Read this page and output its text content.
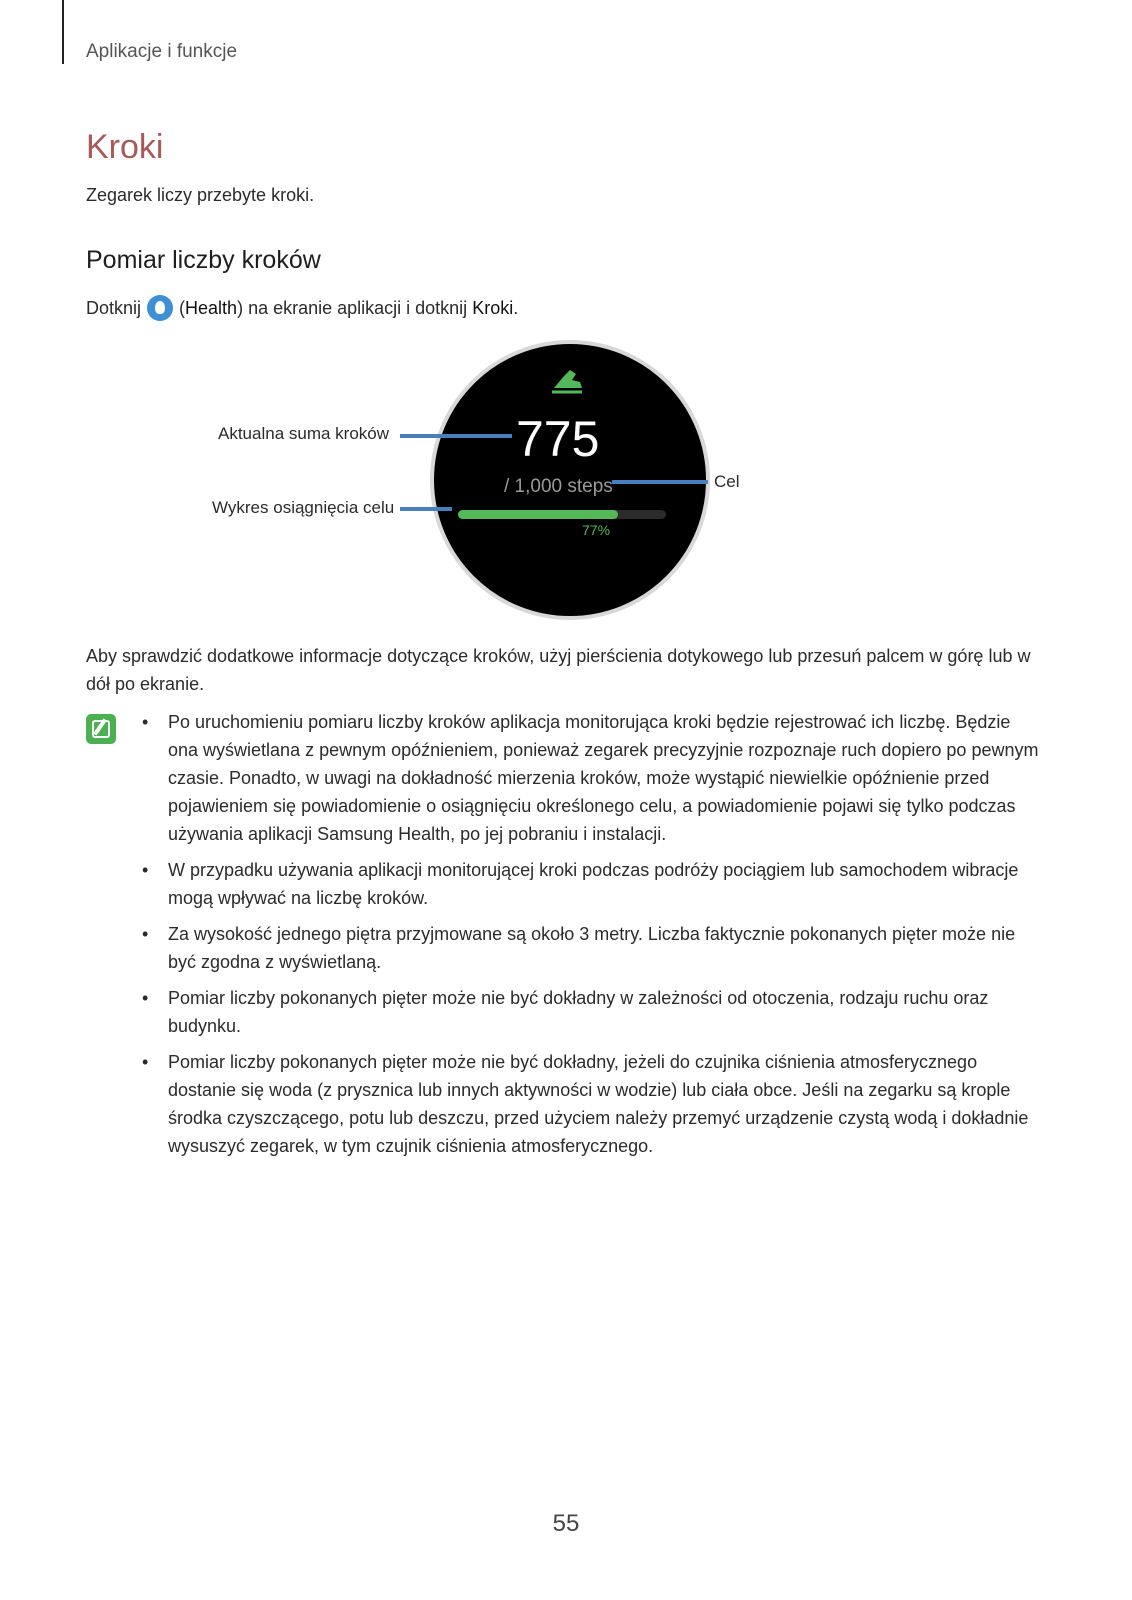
Aplikacje i funkcje
Kroki
Zegarek liczy przebyte kroki.
Pomiar liczby kroków
Dotknij (Health) na ekranie aplikacji i dotknij Kroki.
775
/ 1,000 steps
77%
Aktualna suma kroków
Cel
Wykres osiągnięcia celu
Aby sprawdzić dodatkowe informacje dotyczące kroków, użyj pierścienia dotykowego lub przesuń palcem w górę lub w dół po ekranie.
• Po uruchomieniu pomiaru liczby kroków aplikacja monitorująca kroki będzie rejestrować ich liczbę. Będzie ona wyświetlana z pewnym opóźnieniem, ponieważ zegarek precyzyjnie rozpoznaje ruch dopiero po pewnym czasie. Ponadto, w uwagi na dokładność mierzenia kroków, może wystąpić niewielkie opóźnienie przed pojawieniem się powiadomienie o osiągnięciu określonego celu, a powiadomienie pojawi się tylko podczas używania aplikacji Samsung Health, po jej pobraniu i instalacji.
• W przypadku używania aplikacji monitorującej kroki podczas podróży pociągiem lub samochodem wibracje mogą wpływać na liczbę kroków.
• Za wysokość jednego piętra przyjmowane są około 3 metry. Liczba faktycznie pokonanych pięter może nie być zgodna z wyświetlaną.
• Pomiar liczby pokonanych pięter może nie być dokładny w zależności od otoczenia, rodzaju ruchu oraz budynku.
• Pomiar liczby pokonanych pięter może nie być dokładny, jeżeli do czujnika ciśnienia atmosferycznego dostanie się woda (z prysznica lub innych aktywności w wodzie) lub ciała obce. Jeśli na zegarku są krople środka czyszczącego, potu lub deszczu, przed użyciem należy przemyć urządzenie czystą wodą i dokładnie wysuszyć zegarek, w tym czujnik ciśnienia atmosferycznego.
55
